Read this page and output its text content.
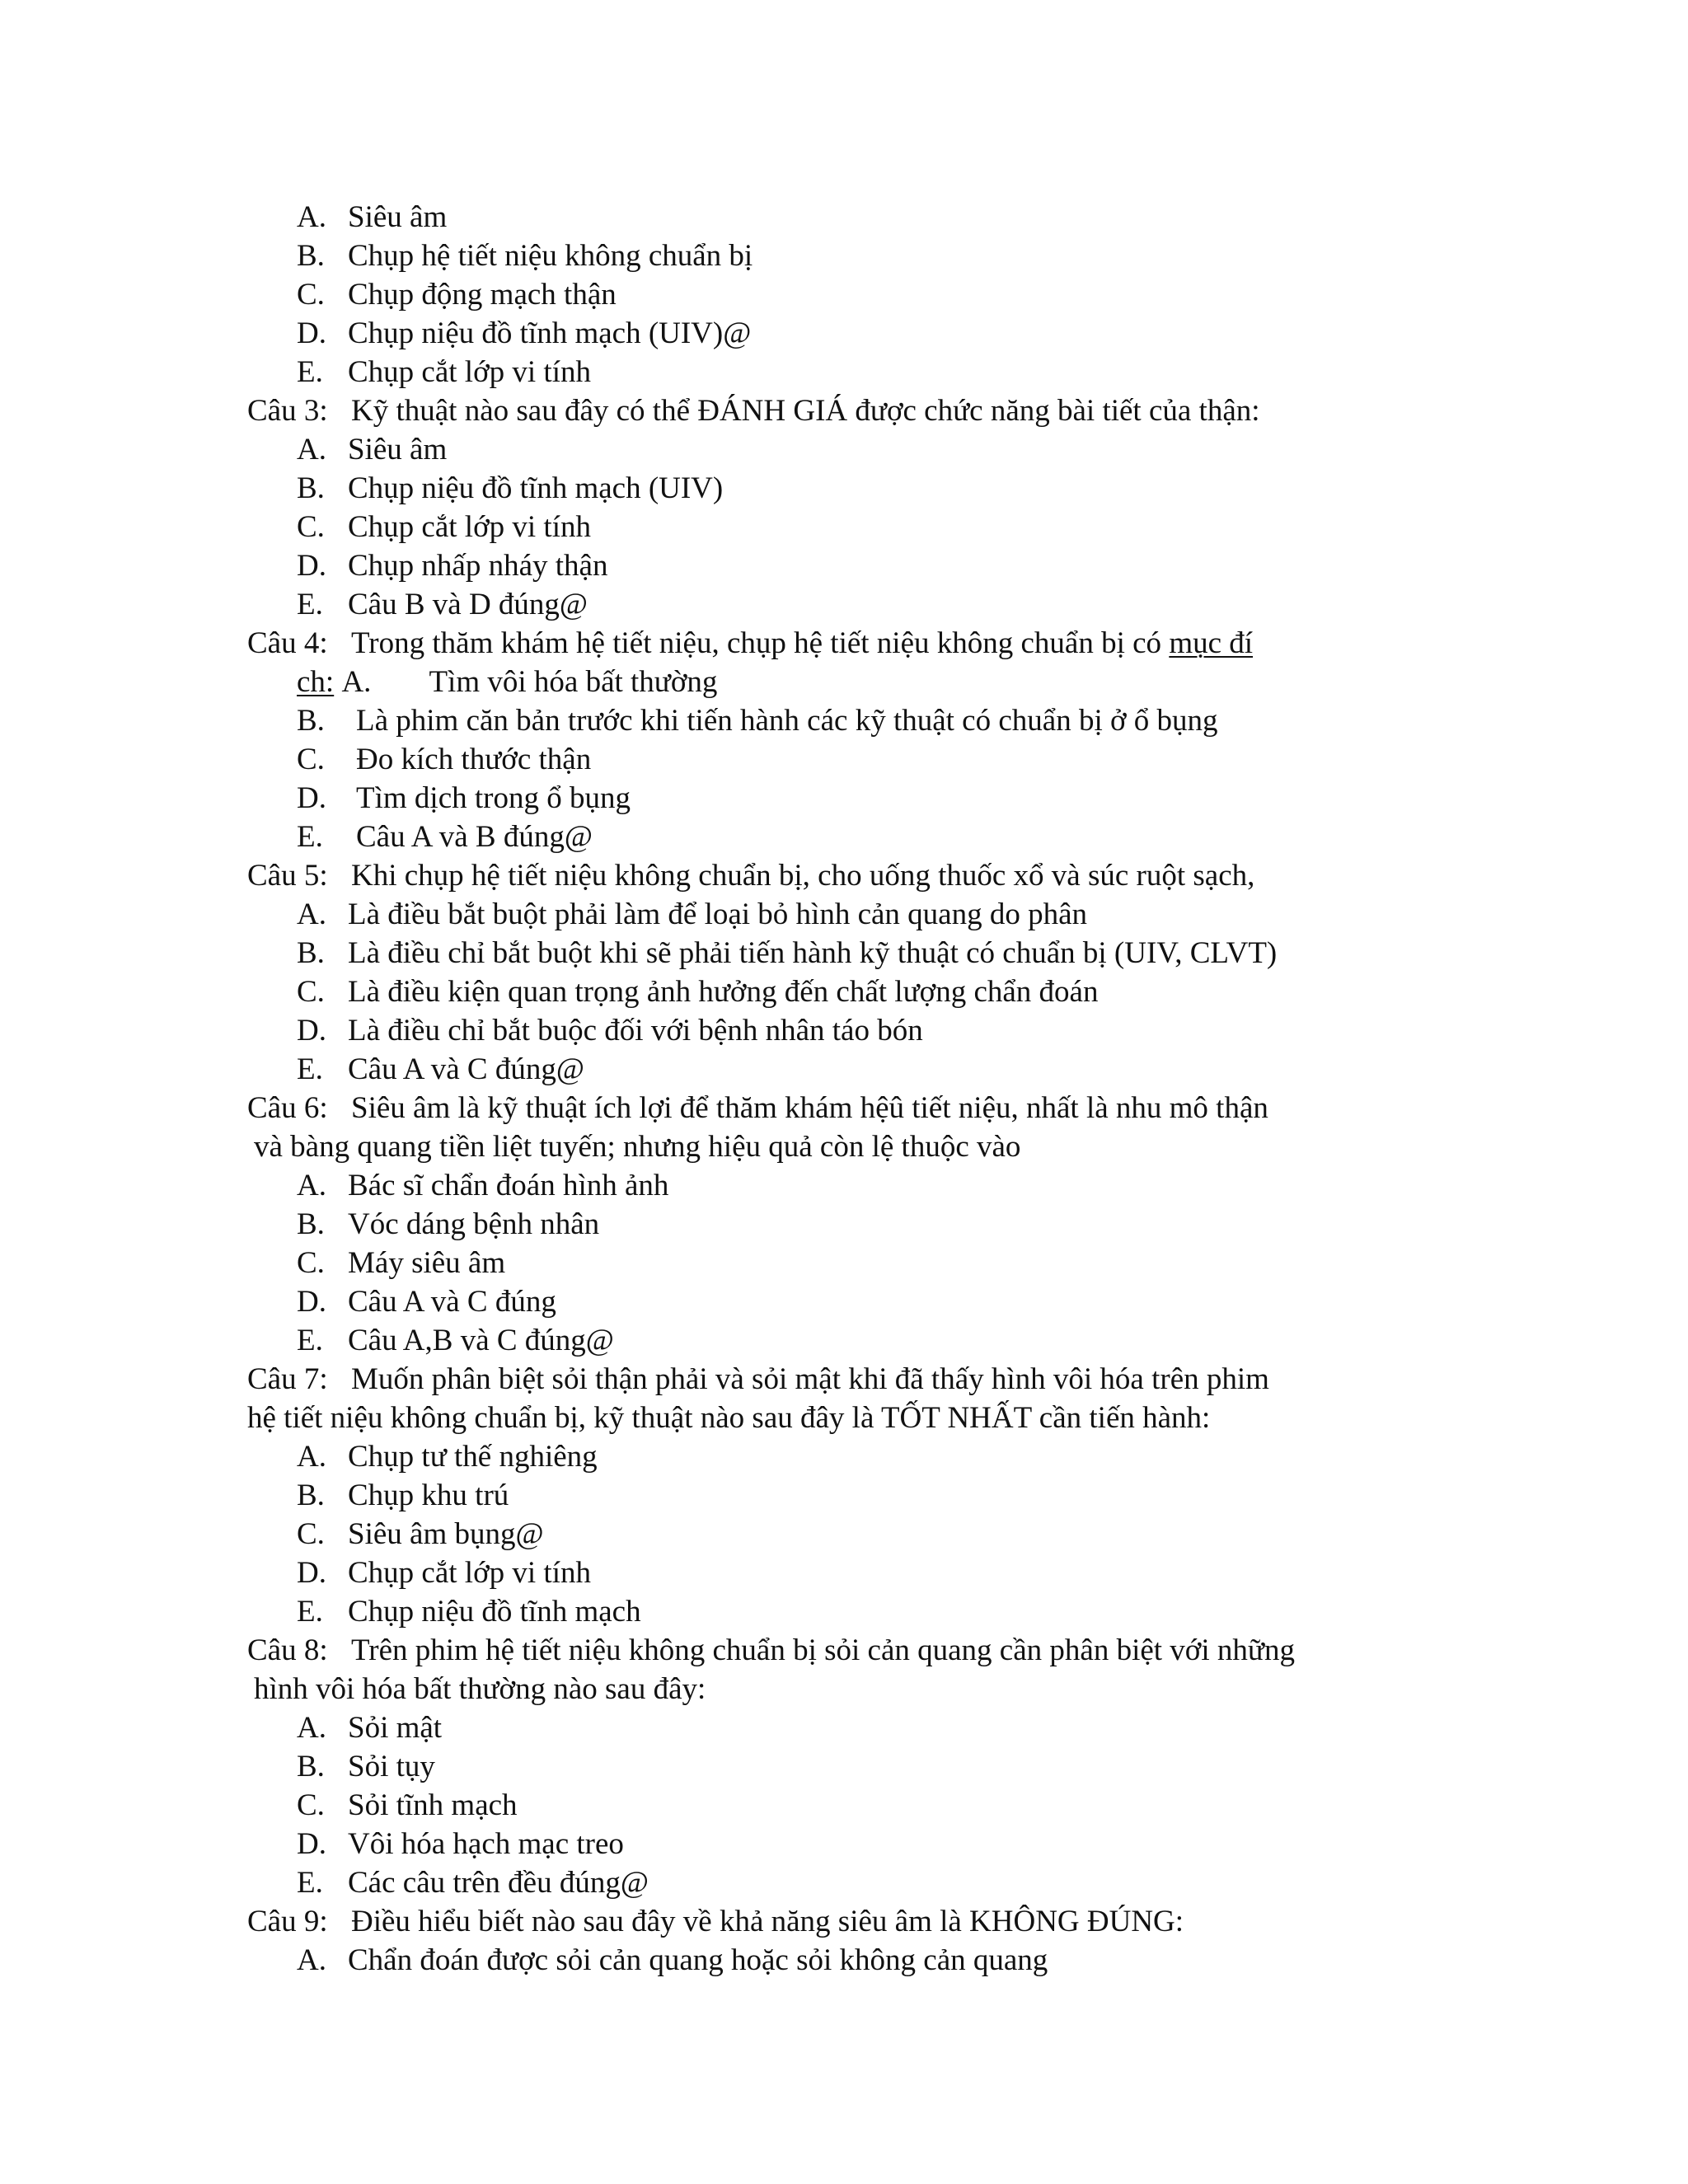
A. Siêu âm
B. Chụp hệ tiết niệu không chuẩn bị
C. Chụp động mạch thận
D. Chụp niệu đồ tĩnh mạch (UIV)@
E. Chụp cắt lớp vi tính
Câu 3: Kỹ thuật nào sau đây có thể ĐÁNH GIÁ được chức năng bài tiết của thận:
A. Siêu âm
B. Chụp niệu đồ tĩnh mạch (UIV)
C. Chụp cắt lớp vi tính
D. Chụp nhấp nháy thận
E. Câu B và D đúng@
Câu 4: Trong thăm khám hệ tiết niệu, chụp hệ tiết niệu không chuẩn bị có mục đí
ch: A. Tìm vôi hóa bất thường
B. Là phim căn bản trước khi tiến hành các kỹ thuật có chuẩn bị ở ổ bụng
C. Đo kích thước thận
D. Tìm dịch trong ổ bụng
E. Câu A và B đúng@
Câu 5: Khi chụp hệ tiết niệu không chuẩn bị, cho uống thuốc xổ và súc ruột sạch,
A. Là điều bắt buột phải làm để loại bỏ hình cản quang do phân
B. Là điều chỉ bắt buột khi sẽ phải tiến hành kỹ thuật có chuẩn bị (UIV, CLVT)
C. Là điều kiện quan trọng ảnh hưởng đến chất lượng chẩn đoán
D. Là điều chỉ bắt buộc đối với bệnh nhân táo bón
E. Câu A và C đúng@
Câu 6: Siêu âm là kỹ thuật ích lợi để thăm khám hệû tiết niệu, nhất là nhu mô thận
và bàng quang tiền liệt tuyến; nhưng hiệu quả còn lệ thuộc vào
A. Bác sĩ chẩn đoán hình ảnh
B. Vóc dáng bệnh nhân
C. Máy siêu âm
D. Câu A và C đúng
E. Câu A,B và C đúng@
Câu 7: Muốn phân biệt sỏi thận phải và sỏi mật khi đã thấy hình vôi hóa trên phim
hệ tiết niệu không chuẩn bị, kỹ thuật nào sau đây là TỐT NHẤT cần tiến hành:
A. Chụp tư thế nghiêng
B. Chụp khu trú
C. Siêu âm bụng@
D. Chụp cắt lớp vi tính
E. Chụp niệu đồ tĩnh mạch
Câu 8: Trên phim hệ tiết niệu không chuẩn bị sỏi cản quang cần phân biệt với những
hình vôi hóa bất thường nào sau đây:
A. Sỏi mật
B. Sỏi tụy
C. Sỏi tĩnh mạch
D. Vôi hóa hạch mạc treo
E. Các câu trên đều đúng@
Câu 9: Điều hiểu biết nào sau đây về khả năng siêu âm là KHÔNG ĐÚNG:
A. Chẩn đoán được sỏi cản quang hoặc sỏi không cản quang
